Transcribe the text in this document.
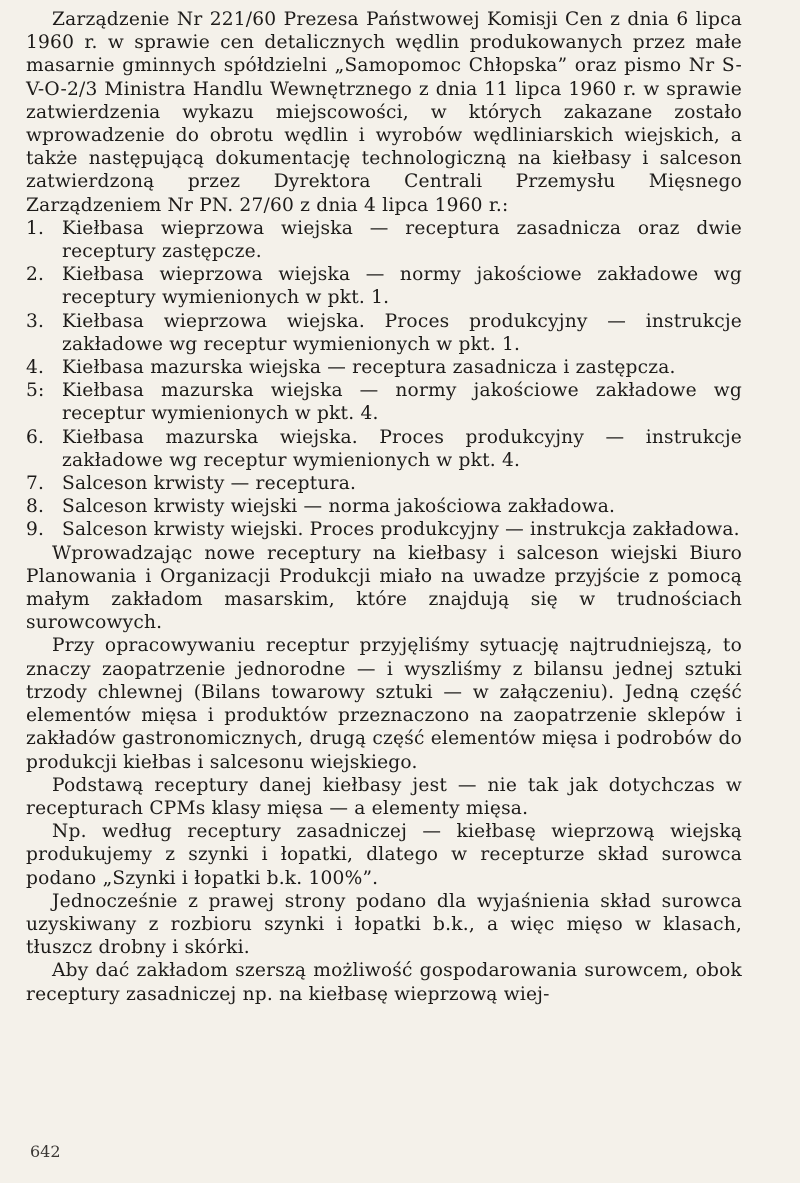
Zarządzenie Nr 221/60 Prezesa Państwowej Komisji Cen z dnia 6 lipca 1960 r. w sprawie cen detalicznych wędlin produkowanych przez małe masarnie gminnych spółdzielni „Samopomoc Chłopska” oraz pismo Nr S-V-O-2/3 Ministra Handlu Wewnętrznego z dnia 11 lipca 1960 r. w sprawie zatwierdzenia wykazu miejscowości, w których zakazane zostało wprowadzenie do obrotu wędlin i wyrobów wędliniarskich wiejskich, a także następującą dokumentację technologiczną na kiełbasy i salceson zatwierdzoną przez Dyrektora Centrali Przemysłu Mięsnego Zarządzeniem Nr PN. 27/60 z dnia 4 lipca 1960 r.:

1. Kiełbasa wieprzowa wiejska — receptura zasadnicza oraz dwie receptury zastępcze.
2. Kiełbasa wieprzowa wiejska — normy jakościowe zakładowe wg receptury wymienionych w pkt. 1.
3. Kiełbasa wieprzowa wiejska. Proces produkcyjny — instrukcje zakładowe wg receptur wymienionych w pkt. 1.
4. Kiełbasa mazurska wiejska — receptura zasadnicza i zastępcza.
5: Kiełbasa mazurska wiejska — normy jakościowe zakładowe wg receptur wymienionych w pkt. 4.
6. Kiełbasa mazurska wiejska. Proces produkcyjny — instrukcje zakładowe wg receptur wymienionych w pkt. 4.
7. Salceson krwisty — receptura.
8. Salceson krwisty wiejski — norma jakościowa zakładowa.
9. Salceson krwisty wiejski. Proces produkcyjny — instrukcja zakładowa.

Wprowadzając nowe receptury na kiełbasy i salceson wiejski Biuro Planowania i Organizacji Produkcji miało na uwadze przyjście z pomocą małym zakładom masarskim, które znajdują się w trudnościach surowcowych.

Przy opracowywaniu receptur przyjęliśmy sytuację najtrudniejszą, to znaczy zaopatrzenie jednorodne — i wyszliśmy z bilansu jednej sztuki trzody chlewnej (Bilans towarowy sztuki — w załączeniu). Jedną część elementów mięsa i produktów przeznaczono na zaopatrzenie sklepów i zakładów gastronomicznych, drugą część elementów mięsa i podrobów do produkcji kiełbas i salcesonu wiejskiego.

Podstawą receptury danej kiełbasy jest — nie tak jak dotychczas w recepturach CPMs klasy mięsa — a elementy mięsa.

Np. według receptury zasadniczej — kiełbasę wieprzową wiejską produkujemy z szynki i łopatki, dlatego w recepturze skład surowca podano „Szynki i łopatki b.k. 100%”.

Jednocześnie z prawej strony podano dla wyjaśnienia skład surowca uzyskiwany z rozbioru szynki i łopatki b.k., a więc mięso w klasach, tłuszcz drobny i skórki.

Aby dać zakładom szerszą możliwość gospodarowania surowcem, obok receptury zasadniczej np. na kiełbasę wieprzową wiej-

642
